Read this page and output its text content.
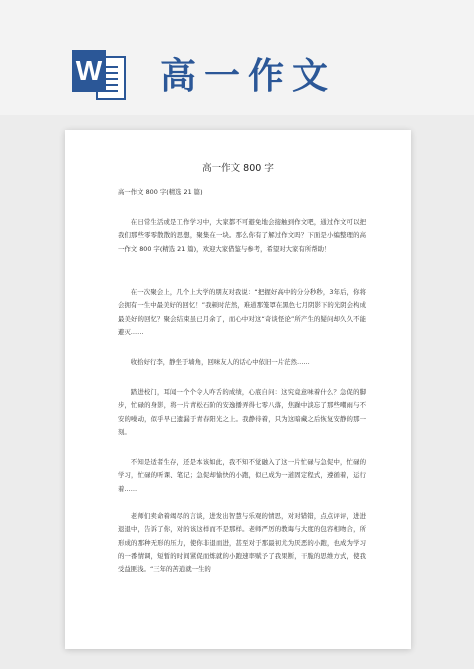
W 高一作文
高一作文 800 字

高一作文 800 字(精选 21 篇)

在日常生活或是工作学习中，大家都不可避免地会接触到作文吧，通过作文可以把我们那些零零散散的思想，聚集在一块。那么你有了解过作文吗？下面是小编整理的高一作文 800 字(精选 21 篇)，欢迎大家借鉴与参考，希望对大家有所帮助！

在一次聚会上，几个上大学的朋友对我说：“把握好高中的分分秒秒，3年后，你将会拥有一生中最美好的回忆！”我顿时茫然，难道那笼罩在黑色七月阴影下的光阴会构成最美好的回忆？聚会结束虽已月余了，而心中对这“奇谈怪论”所产生的疑问却久久不能避灭……

收拾好行李，静坐于墙角，回味友人的话心中依旧一片茫然……

踏进校门，耳闻一个个令人咋舌的成绩，心底自问：这究竟意味着什么？急促的脚步，忙碌的身影，将一片青松石阶的安逸播弄得七零八落，焦躁中淡忘了那些嘲雨与不安的噪动，似乎早已遗漏于青春阳光之上。我静待着，只为这暗藏之后恢复安静的那一刻。

不知是适者生存，还是本该如此，我不知不觉融入了这一片忙碌与急促中，忙碌的学习，忙碌的听课、笔记；急促却愉快的小跑，似已成为一道固定程式，遵循着，运行着……

老师们卖命着竭尽的言谈，进发出智慧与乐观的情思，对对错错，点点评评，进进退退中，告诉了你，对的该这样而不是那样。老师严厉的教诲与大度的包容相吻合，所形成的那种无形的压力，使你非退而进，甚至对于那最初尤为厌恶的小跑，也成为学习的一番情调，短暂的时间紧促而炼就的小跑速率赋予了我果断，干脆的思维方式，使我受益匪浅。“三年的苦逍就一生的
